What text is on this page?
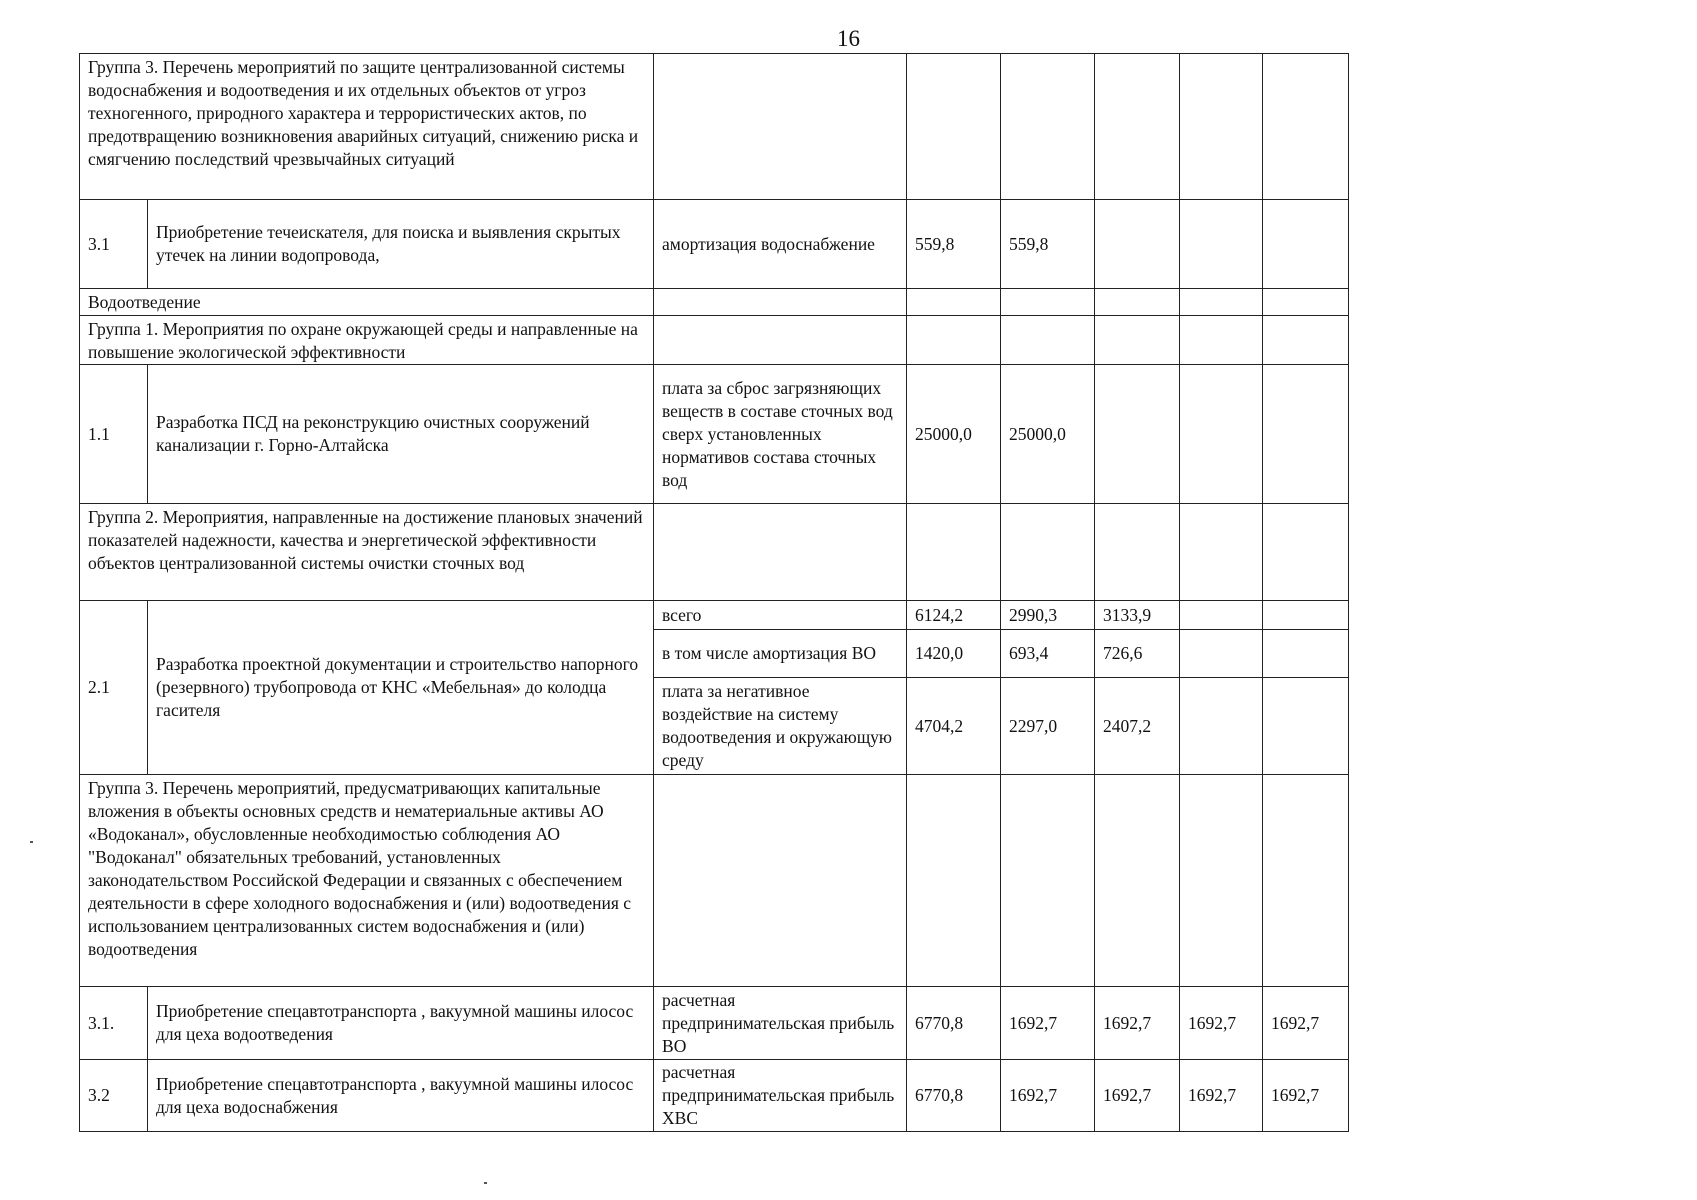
16
Группа 3. Перечень мероприятий по защите централизованной системы водоснабжения и водоотведения и их отдельных объектов от угроз техногенного, природного характера и террористических актов, по предотвращению возникновения аварийных ситуаций, снижению риска и смягчению последствий чрезвычайных ситуаций							
3.1	Приобретение течеискателя, для поиска и выявления скрытых утечек на линии водопровода,	амортизация водоснабжение	559,8	559,8			
Водоотведение							
Группа 1. Мероприятия по охране окружающей среды и направленные на повышение экологической эффективности							
1.1	Разработка ПСД на реконструкцию очистных сооружений канализации г. Горно-Алтайска	плата за сброс загрязняющих веществ в составе сточных вод сверх установленных нормативов состава сточных вод	25000,0	25000,0			
Группа 2. Мероприятия, направленные на достижение плановых значений показателей надежности, качества и энергетической эффективности объектов централизованной системы очистки сточных вод							
2.1	Разработка проектной документации и строительство напорного (резервного) трубопровода от КНС «Мебельная» до колодца гасителя	всего	6124,2	2990,3	3133,9		
		в том числе амортизация ВО	1420,0	693,4	726,6		
		плата за негативное воздействие на систему водоотведения и окружающую среду	4704,2	2297,0	2407,2		
Группа 3. Перечень мероприятий, предусматривающих капитальные вложения в объекты основных средств и нематериальные активы АО «Водоканал», обусловленные необходимостью соблюдения АО "Водоканал" обязательных требований, установленных законодательством Российской Федерации и связанных с обеспечением деятельности в сфере холодного водоснабжения и (или) водоотведения с использованием централизованных систем водоснабжения и (или) водоотведения							
3.1.	Приобретение спецавтотранспорта , вакуумной машины илосос для цеха водоотведения	расчетная предпринимательская прибыль ВО	6770,8	1692,7	1692,7	1692,7	1692,7
3.2	Приобретение спецавтотранспорта , вакуумной машины илосос для цеха водоснабжения	расчетная предпринимательская прибыль ХВС	6770,8	1692,7	1692,7	1692,7	1692,7
